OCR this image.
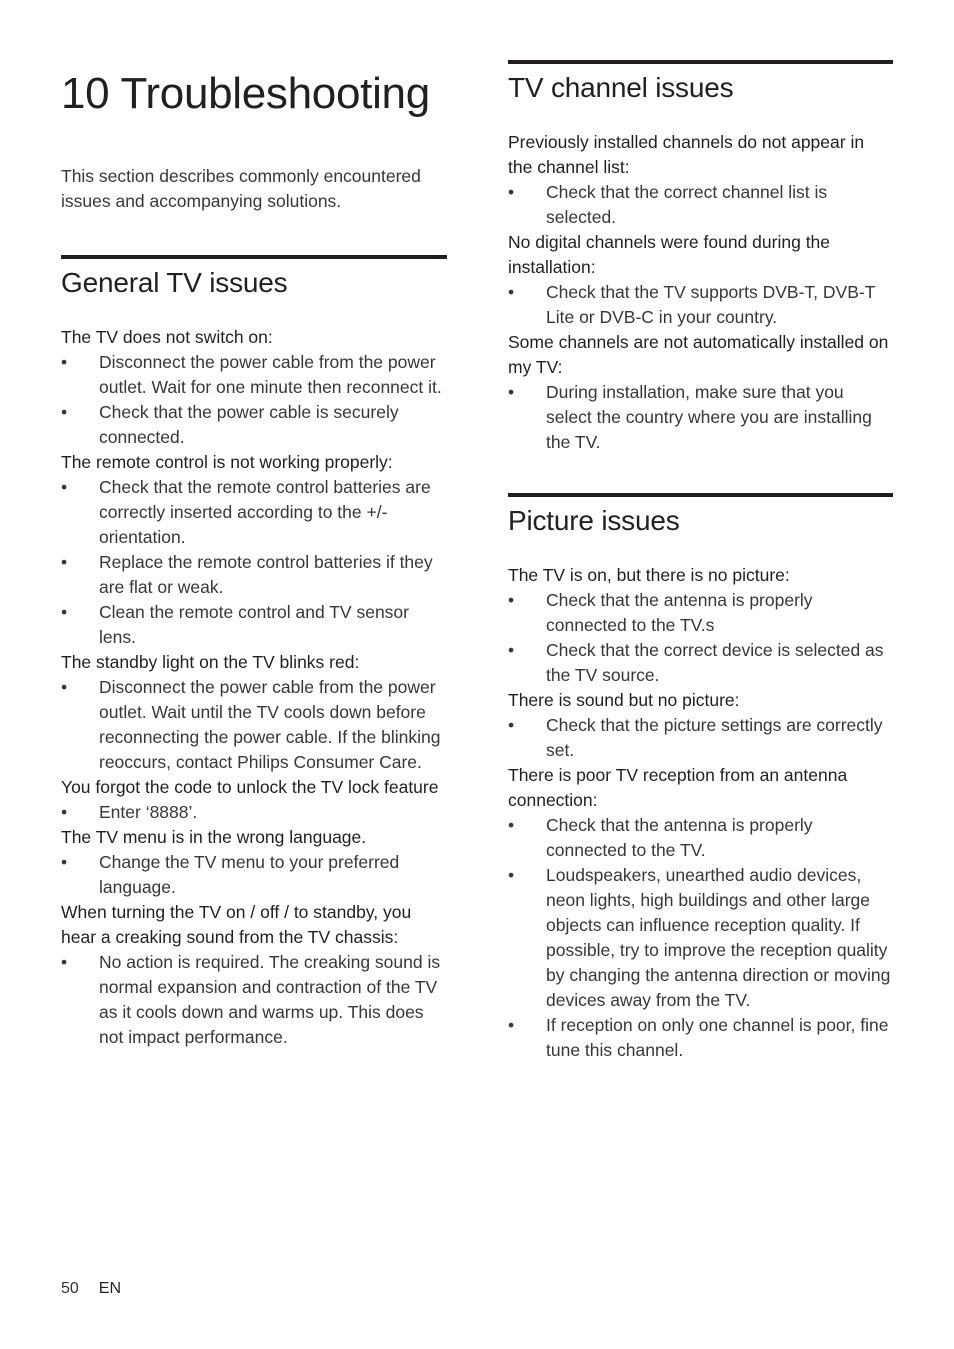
10 Troubleshooting

This section describes commonly encountered issues and accompanying solutions.

General TV issues

The TV does not switch on:

•	Disconnect the power cable from the power outlet. Wait for one minute then reconnect it.
•	Check that the power cable is securely connected.

The remote control is not working properly:

•	Check that the remote control batteries are correctly inserted according to the +/- orientation.
•	Replace the remote control batteries if they are flat or weak.
•	Clean the remote control and TV sensor lens.

The standby light on the TV blinks red:

•	Disconnect the power cable from the power outlet. Wait until the TV cools down before reconnecting the power cable. If the blinking reoccurs, contact Philips Consumer Care.

You forgot the code to unlock the TV lock feature

•	Enter ‘8888’.

The TV menu is in the wrong language.

•	Change the TV menu to your preferred language.

When turning the TV on / off / to standby, you hear a creaking sound from the TV chassis:

•	No action is required. The creaking sound is normal expansion and contraction of the TV as it cools down and warms up. This does not impact performance.
TV channel issues

Previously installed channels do not appear in the channel list:

•	Check that the correct channel list is selected.

No digital channels were found during the installation:

•	Check that the TV supports DVB-T, DVB-T Lite or DVB-C in your country.

Some channels are not automatically installed on my TV:

•	During installation, make sure that you select the country where you are installing the TV.
Picture issues

The TV is on, but there is no picture:

•	Check that the antenna is properly connected to the TV.s
•	Check that the correct device is selected as the TV source.

There is sound but no picture:

•	Check that the picture settings are correctly set.

There is poor TV reception from an antenna connection:

•	Check that the antenna is properly connected to the TV.
•	Loudspeakers, unearthed audio devices, neon lights, high buildings and other large objects can influence reception quality. If possible, try to improve the reception quality by changing the antenna direction or moving devices away from the TV.
•	If reception on only one channel is poor, fine tune this channel.
50 EN
